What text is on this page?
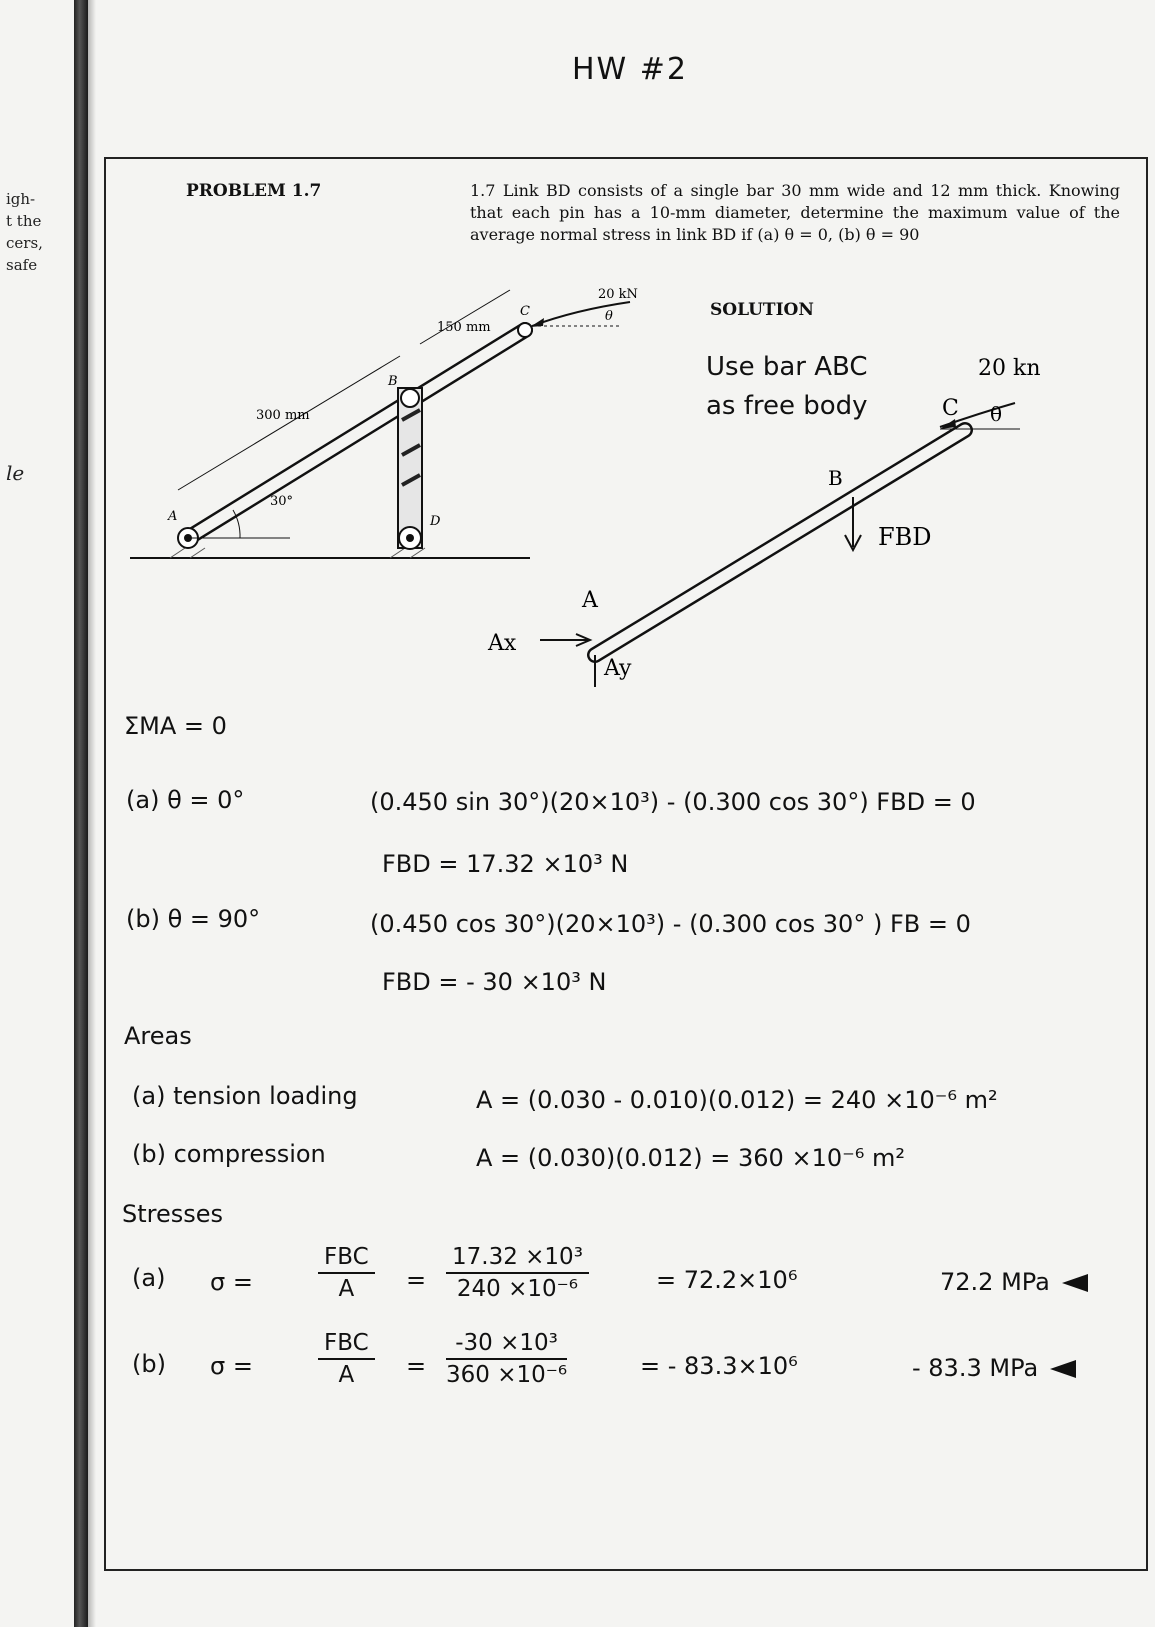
igh-
t the
cers,
safe
le
HW #2
PROBLEM 1.7	1.7 Link BD consists of a single bar 30 mm wide and 12 mm thick. Knowing that each pin has a 10-mm diameter, determine the maximum value of the average normal stress in link BD if (a) θ = 0, (b) θ = 90
20 kN
θ
300 mm
150 mm
30°
A
B
C
D
SOLUTION
Use bar ABC
as free body
20 kn
θ
C
B
FBD
A
Ax
Ay
ΣMA = 0
(a) θ = 0°	(0.450 sin 30°)(20×10³) - (0.300 cos 30°) FBD = 0
FBD = 17.32 ×10³ N
(b) θ = 90°	(0.450 cos 30°)(20×10³) - (0.300 cos 30° ) FB = 0
FBD = - 30 ×10³ N
Areas
(a) tension loading	A = (0.030 - 0.010)(0.012) = 240 ×10⁻⁶ m²
(b) compression	A = (0.030)(0.012) = 360 ×10⁻⁶ m²
Stresses
(a) σ =
FBC
A	= $\frac{\text{17.32 ×10³}}{\text{240 ×10⁻⁶}}$	= 72.2×10⁶	72.2 MPa
(b) σ =
FBC
A	= $\frac{\text{-30 ×10³}}{\text{360 ×10⁻⁶}}$	= - 83.3×10⁶	- 83.3 MPa
